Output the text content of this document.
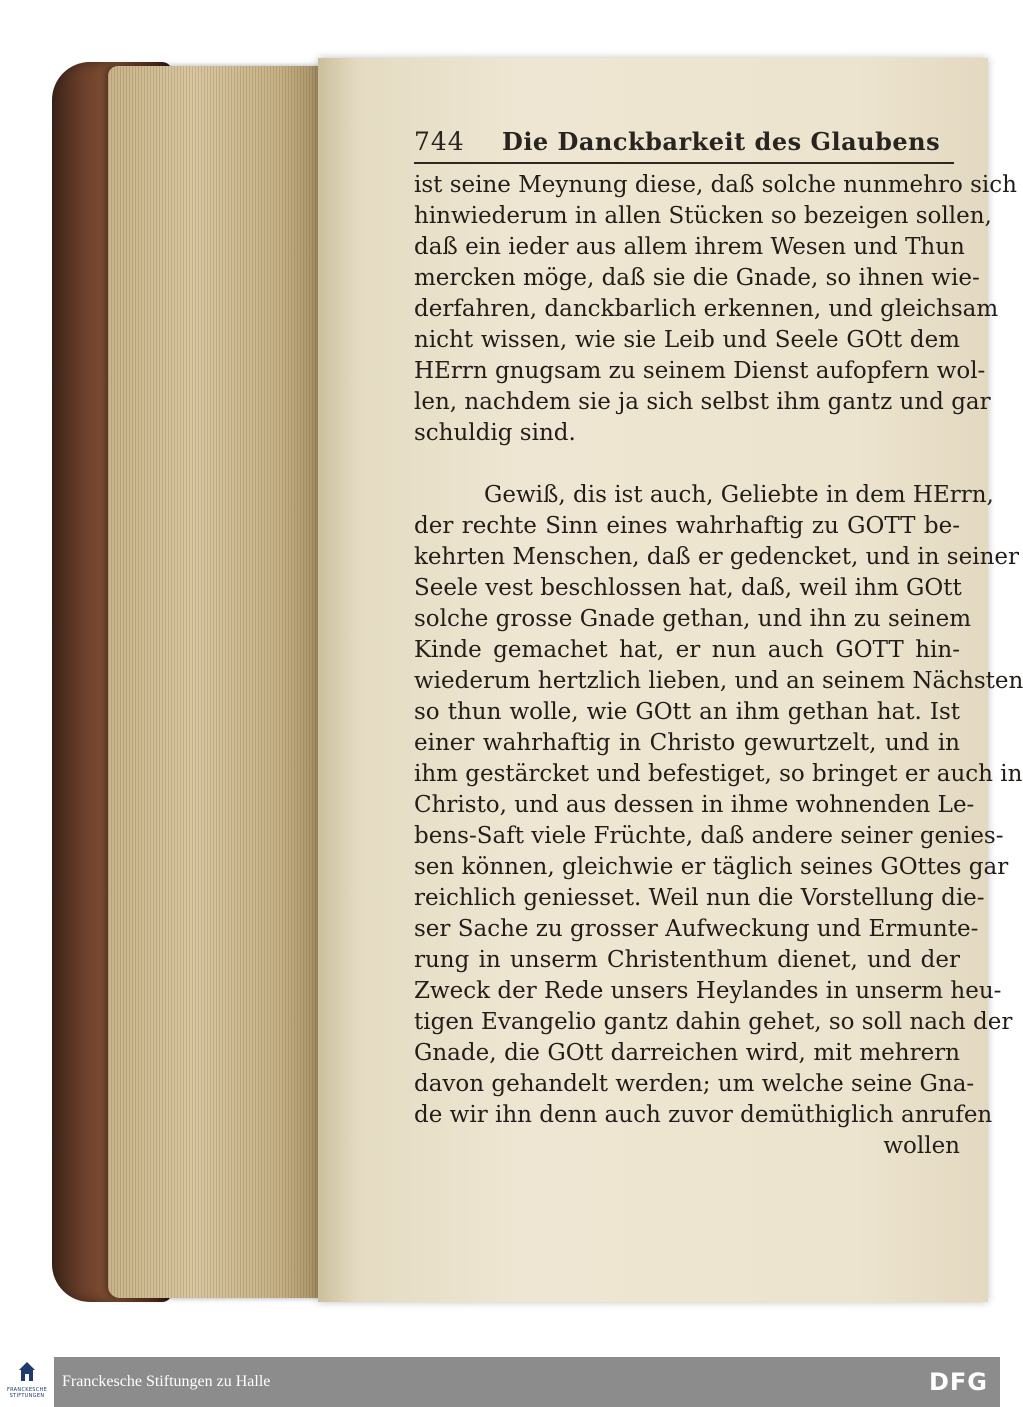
744 Die Danckbarkeit des Glaubens
ist seine Meynung diese, daß solche nunmehro sich
hinwiederum in allen Stücken so bezeigen sollen,
daß ein ieder aus allem ihrem Wesen und Thun
mercken möge, daß sie die Gnade, so ihnen wie-
derfahren, danckbarlich erkennen, und gleichsam
nicht wissen, wie sie Leib und Seele GOtt dem
HErrn gnugsam zu seinem Dienst aufopfern wol-
len, nachdem sie ja sich selbst ihm gantz und gar
schuldig sind.
Gewiß, dis ist auch, Geliebte in dem HErrn,
der rechte Sinn eines wahrhaftig zu GOTT be-
kehrten Menschen, daß er gedencket, und in seiner
Seele vest beschlossen hat, daß, weil ihm GOtt
solche grosse Gnade gethan, und ihn zu seinem
Kinde gemachet hat, er nun auch GOTT hin-
wiederum hertzlich lieben, und an seinem Nächsten
so thun wolle, wie GOtt an ihm gethan hat. Ist
einer wahrhaftig in Christo gewurtzelt, und in
ihm gestärcket und befestiget, so bringet er auch in
Christo, und aus dessen in ihme wohnenden Le-
bens-Saft viele Früchte, daß andere seiner genies-
sen können, gleichwie er täglich seines GOttes gar
reichlich geniesset. Weil nun die Vorstellung die-
ser Sache zu grosser Aufweckung und Ermunte-
rung in unserm Christenthum dienet, und der
Zweck der Rede unsers Heylandes in unserm heu-
tigen Evangelio gantz dahin gehet, so soll nach der
Gnade, die GOtt darreichen wird, mit mehrern
davon gehandelt werden; um welche seine Gna-
de wir ihn denn auch zuvor demüthiglich anrufen
wollen
FRANCKESCHE STIFTUNGEN
Franckesche Stiftungen zu Halle	DFG
